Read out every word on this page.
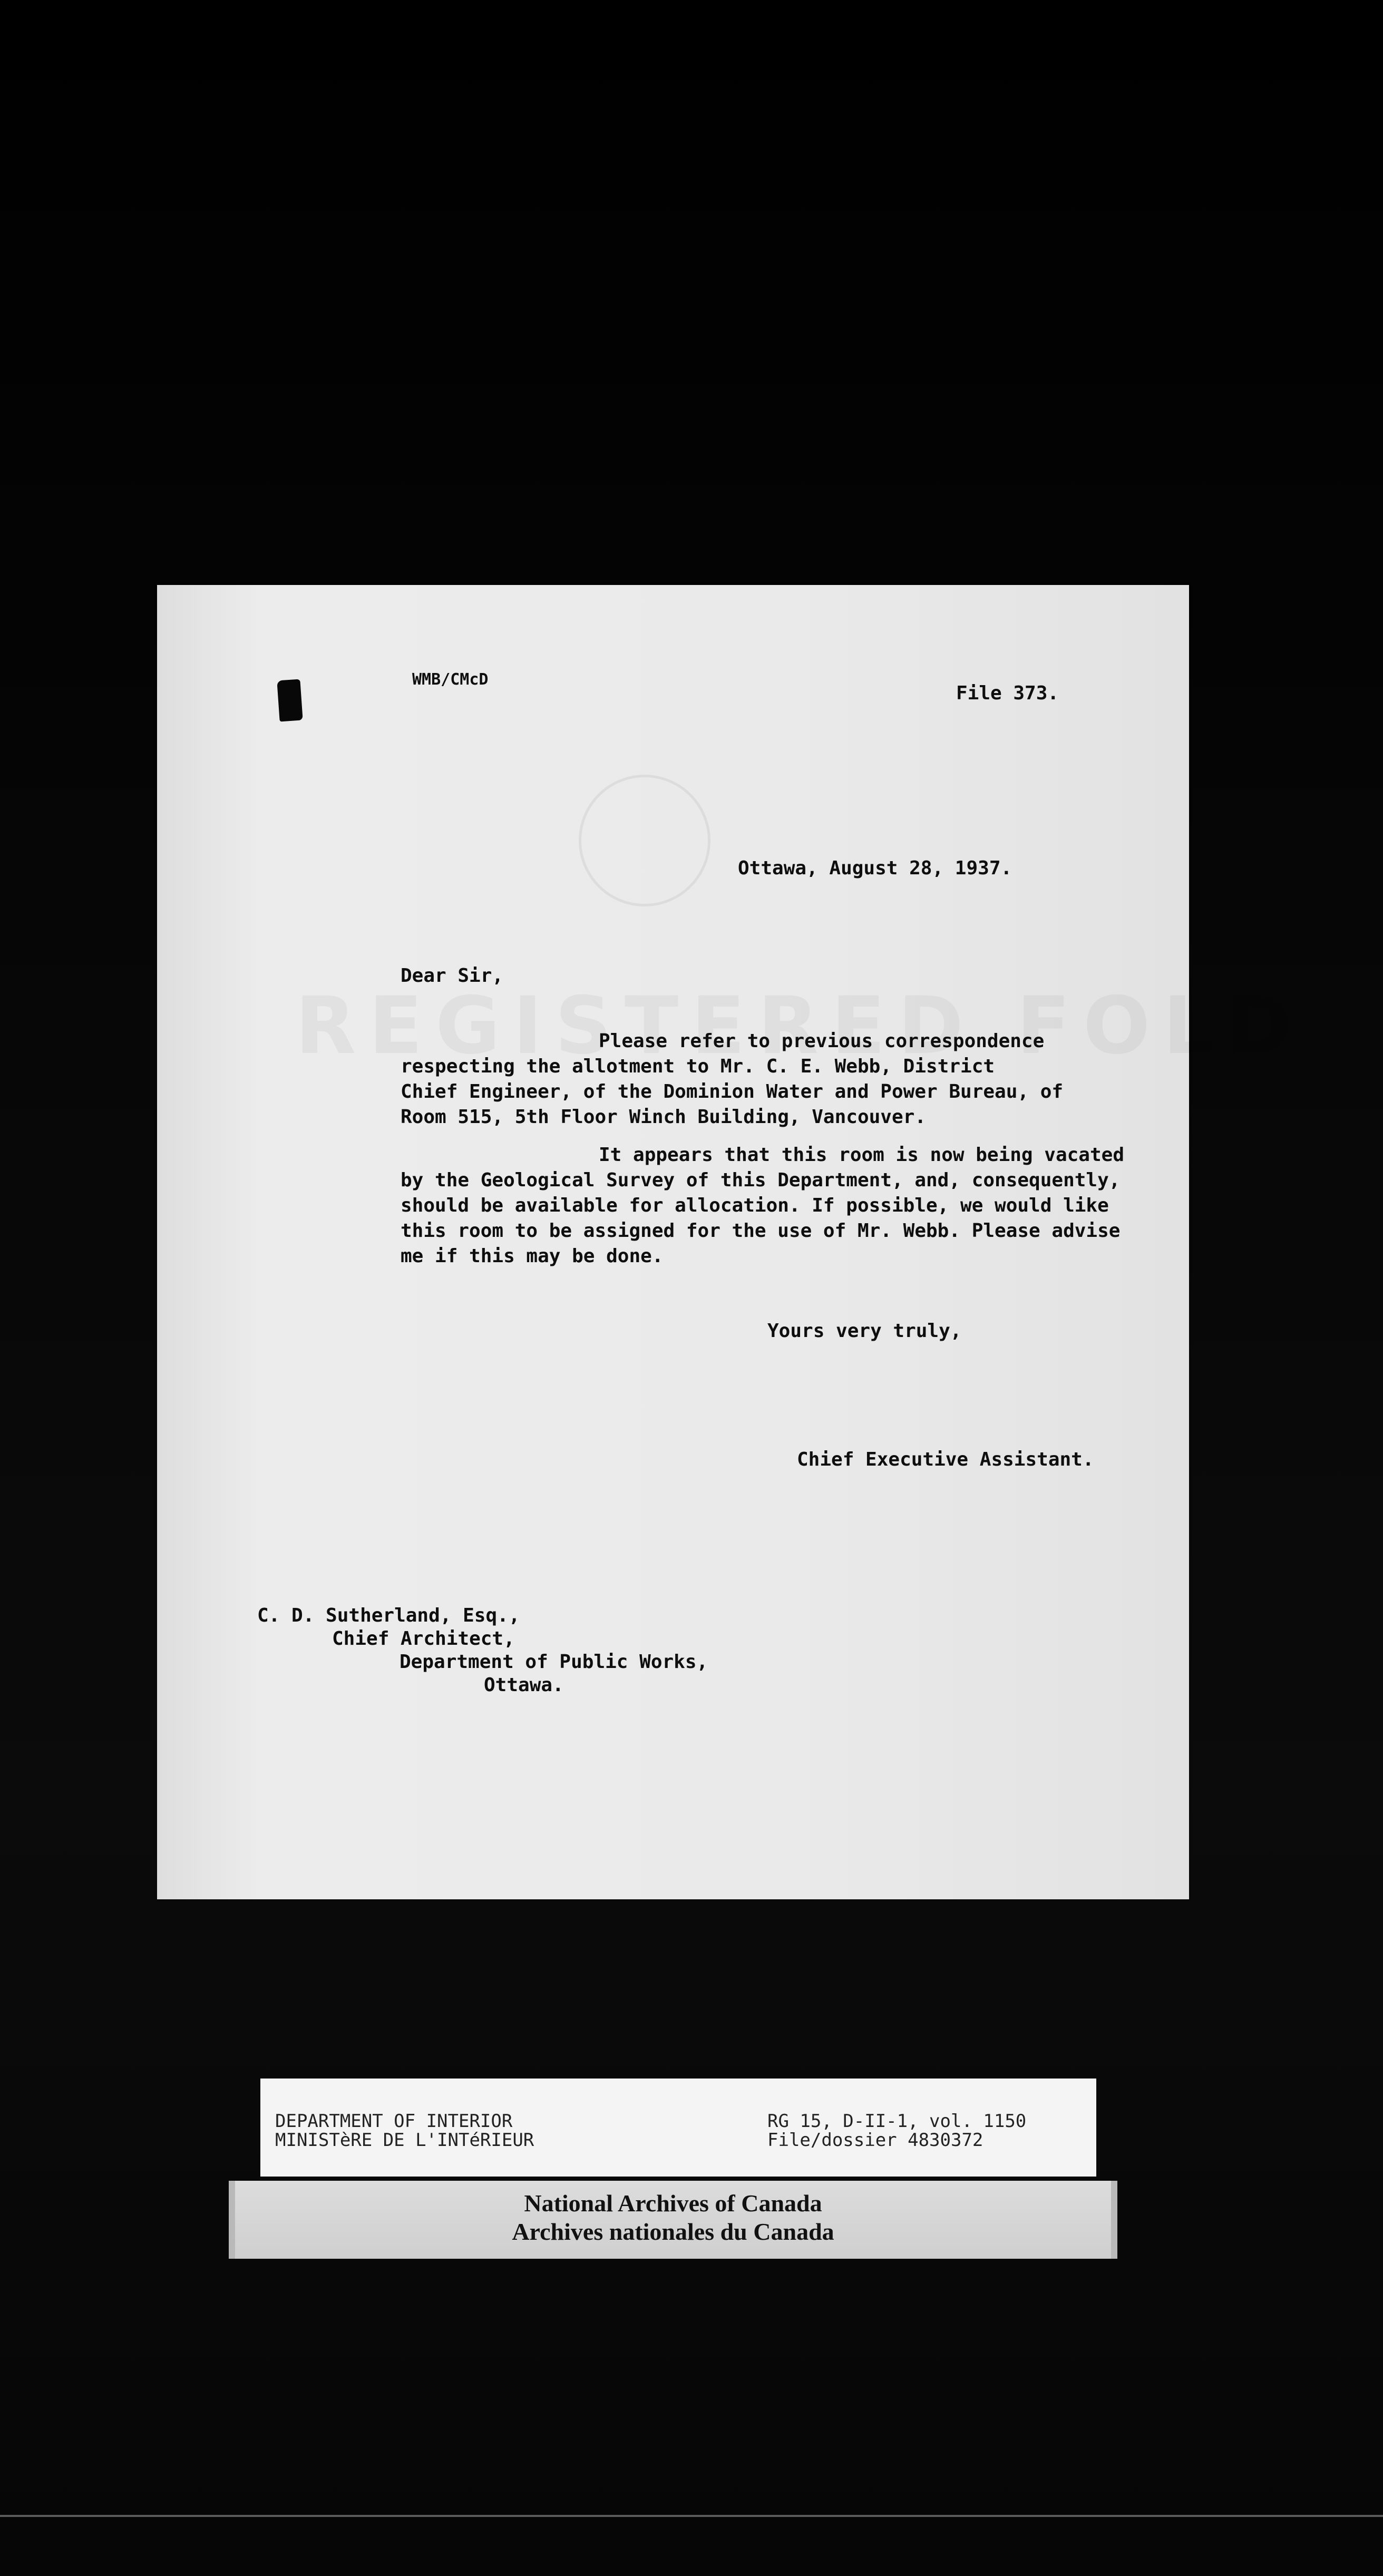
WMB/CMcD

File 373.

Ottawa, August 28, 1937.

Dear Sir,

Please refer to previous correspondence

respecting the allotment to Mr. C. E. Webb, District

Chief Engineer, of the Dominion Water and Power Bureau, of

Room 515, 5th Floor Winch Building, Vancouver.

It appears that this room is now being vacated

by the Geological Survey of this Department, and, consequently,

should be available for allocation. If possible, we would like

this room to be assigned for the use of Mr. Webb. Please advise

me if this may be done.

Yours very truly,

Chief Executive Assistant.

C. D. Sutherland, Esq.,

Chief Architect,

Department of Public Works,

Ottawa.

DEPARTMENT OF INTERIOR

MINISTèRE DE L'INTéRIEUR

RG 15, D-II-1, vol. 1150

File/dossier 4830372

National Archives of Canada

Archives nationales du Canada
